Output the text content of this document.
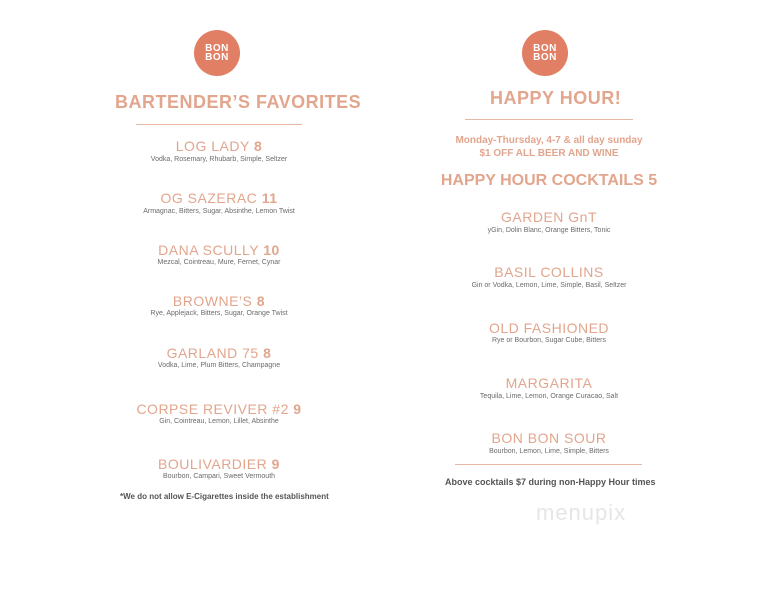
BON
BON
BARTENDER’S FAVORITES
LOG LADY 8
Vodka, Rosemary, Rhubarb, Simple, Seltzer
OG SAZERAC 11
Armagnac, Bitters, Sugar, Absinthe, Lemon Twist
DANA SCULLY 10
Mezcal, Cointreau, Mure, Fernet, Cynar
BROWNE’S 8
Rye, Applejack, Bitters, Sugar, Orange Twist
GARLAND 75 8
Vodka, Lime, Plum Bitters, Champagne
CORPSE REVIVER #2 9
Gin, Cointreau, Lemon, Lillet, Absinthe
BOULIVARDIER 9
Bourbon, Campari, Sweet Vermouth
*We do not allow E-Cigarettes inside the establishment
BON
BON
HAPPY HOUR!
Monday-Thursday, 4-7 & all day sunday
$1 OFF ALL BEER AND WINE
HAPPY HOUR COCKTAILS 5
GARDEN GnT
yGin, Dolin Blanc, Orange Bitters, Tonic
BASIL COLLINS
Gin or Vodka, Lemon, Lime, Simple, Basil, Seltzer
OLD FASHIONED
Rye or Bourbon, Sugar Cube, Bitters
MARGARITA
Tequila, Lime, Lemon, Orange Curacao, Salt
BON BON SOUR
Bourbon, Lemon, Lime, Simple, Bitters
Above cocktails $7 during non-Happy Hour times
menupix
